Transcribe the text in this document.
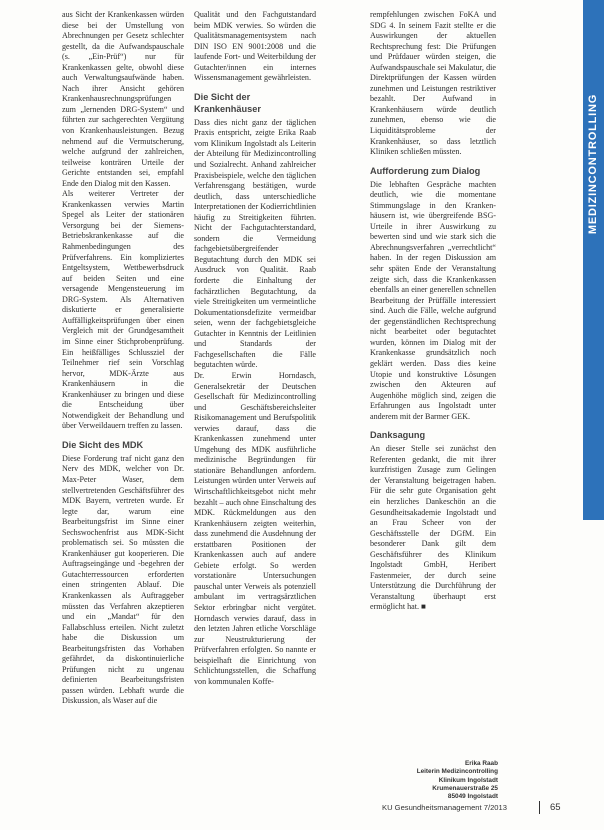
MEDIZINCONTROLLING

aus Sicht der Krankenkassen würden diese bei der Umstellung von Abrechnungen per Gesetz schlechter gestellt, da die Aufwandspauschale (s. „Ein-Prüf“) nur für Krankenkassen gelte, obwohl diese auch Verwaltungsaufwände haben. Nach ihrer Ansicht gehören Krankenhausrechnungsprüfungen zum „lernenden DRG-System“ und führten zur sachgerechten Vergütung von Krankenhausleistungen. Bezug nehmend auf die Vermutscherung, welche aufgrund der zahlreichen, teilweise konträren Urteile der Gerichte entstanden sei, empfahl Ende den Dialog mit den Kassen.

Als weiterer Vertreter der Krankenkassen verwies Martin Spegel als Leiter der stationären Versorgung bei der Siemens-Betriebskrankenkasse auf die Rahmenbedingungen des Prüfverfahrens. Ein kompliziertes Entgeltsystem, Wettbewerbsdruck auf beiden Seiten und eine versagende Mengensteuerung im DRG-System. Als Alternativen diskutierte er generalisierte Auffälligkeitsprüfungen über einen Vergleich mit der Grundgesamtheit im Sinne einer Stichprobenprüfung. Ein heißfälliges Schlussziel der Teilnehmer rief sein Vorschlag hervor, MDK-Ärzte aus Krankenhäusern in die Krankenhäuser zu bringen und diese die Entscheidung über Notwendigkeit der Behandlung und über Verweildauern treffen zu lassen.

Die Sicht des MDK

Diese Forderung traf nicht ganz den Nerv des MDK, welcher von Dr. Max-Peter Waser, dem stellvertretenden Geschäftsführer des MDK Bayern, vertreten wurde. Er legte dar, warum eine Bearbeitungsfrist im Sinne einer Sechswochenfrist aus MDK-Sicht problematisch sei. So müssten die Krankenhäuser gut kooperieren. Die Auftragseingänge und -begehren der Gutachterressourcen erforderten einen stringenten Ablauf. Die Krankenkassen als Auftraggeber müssten das Verfahren akzeptieren und ein „Mandat“ für den Fallabschluss erteilen. Nicht zuletzt habe die Diskussion um Bearbeitungsfristen das Vorhaben gefährdet, da diskontinuierliche Prüfungen nicht zu ungenau definierten Bearbeitungsfristen passen würden. Lebhaft wurde die Diskussion, als Waser auf die

Qualität und den Fachgutstandard beim MDK verwies. So würden die Qualitätsmanagementsystem nach DIN ISO EN 9001:2008 und die laufende Fort- und Weiterbildung der Gutachter/innen ein internes Wissensmanagement gewährleisten.

Die Sicht der Krankenhäuser

Dass dies nicht ganz der täglichen Praxis entspricht, zeigte Erika Raab vom Klinikum Ingolstadt als Leiterin der Abteilung für Medizincontrolling und Sozialrecht. Anhand zahlreicher Praxisbeispiele, welche den täglichen Verfahrensgang bestätigen, wurde deutlich, dass unterschiedliche Interpretationen der Kodierrichtlinien häufig zu Streitigkeiten führten. Nicht der Fachgutachterstandard, sondern die Vermeidung fachgebietsübergreifender Begutachtung durch den MDK sei Ausdruck von Qualität. Raab forderte die Einhaltung der fachärztlichen Begutachtung, da viele Streitigkeiten um vermeintliche Dokumentationsdefizite vermeidbar seien, wenn der fachgebietsgleiche Gutachter in Kenntnis der Leitlinien und Standards der Fachgesellschaften die Fälle begutachten würde.

Dr. Erwin Horndasch, Generalsekretär der Deutschen Gesellschaft für Medizincontrolling und Geschäftsbereichsleiter Risikomanagement und Berufspolitik verwies darauf, dass die Krankenkassen zunehmend unter Umgehung des MDK ausführliche medizinische Begründungen für stationäre Behandlungen anfordern. Leistungen würden unter Verweis auf Wirtschaftlichkeitsgebot nicht mehr bezahlt – auch ohne Einschaltung des MDK. Rückmeldungen aus den Krankenhäusern zeigten weiterhin, dass zunehmend die Ausdehnung der erstattbaren Positionen der Krankenkassen auch auf andere Gebiete erfolgt. So werden vorstationäre Untersuchungen pauschal unter Verweis als potenziell ambulant im vertragsärztlichen Sektor erbringbar nicht vergütet. Horndasch verwies darauf, dass in den letzten Jahren etliche Vorschläge zur Neustrukturierung der Prüfverfahren erfolgten. So nannte er beispielhaft die Einrichtung von Schlichtungsstellen, die Schaffung von kommunalen Koffe-

rempfehlungen zwischen FoKA und SDG 4. In seinem Fazit stellte er die Auswirkungen der aktuellen Rechtsprechung fest: Die Prüfungen und Prüfdauer würden steigen, die Aufwandspauschale sei Makulatur, die Direktprüfungen der Kassen würden zunehmen und Leistungen restriktiver bezahlt. Der Aufwand in Krankenhäusern würde deutlich zunehmen, ebenso wie die Liquiditätsprobleme der Krankenhäuser, so dass letztlich Kliniken schließen müssten.

Aufforderung zum Dialog

Die lebhaften Gespräche machten deutlich, wie die momentane Stimmungslage in den Kranken-häusern ist, wie übergreifende BSG-Urteile in ihrer Auswirkung zu bewerten sind und wie stark sich die Abrechnungsverfahren „verrechtlicht“ haben. In der regen Diskussion am sehr späten Ende der Veranstaltung zeigte sich, dass die Krankenkassen ebenfalls an einer generellen schnellen Bearbeitung der Prüffälle interessiert sind. Auch die Fälle, welche aufgrund der gegenständlichen Rechtsprechung nicht bearbeitet oder begutachtet wurden, können im Dialog mit der Krankenkasse grundsätzlich noch geklärt werden. Dass dies keine Utopie und konstruktive Lösungen zwischen den Akteuren auf Augenhöhe möglich sind, zeigen die Erfahrungen aus Ingolstadt unter anderem mit der Barmer GEK.

Danksagung

An dieser Stelle sei zunächst den Referenten gedankt, die mit ihrer kurzfristigen Zusage zum Gelingen der Veranstaltung beigetragen haben. Für die sehr gute Organisation geht ein herzliches Dankeschön an die Gesundheitsakademie Ingolstadt und an Frau Scheer von der Geschäftsstelle der DGfM. Ein besonderer Dank gilt dem Geschäftsführer des Klinikum Ingolstadt GmbH, Heribert Fastenmeier, der durch seine Unterstützung die Durchführung der Veranstaltung überhaupt erst ermöglicht hat. ■

Erika Raab
Leiterin Medizincontrolling
Klinikum Ingolstadt
Krumenauerstraße 25
85049 Ingolstadt
KU Gesundheitsmanagement 7/2013	65
